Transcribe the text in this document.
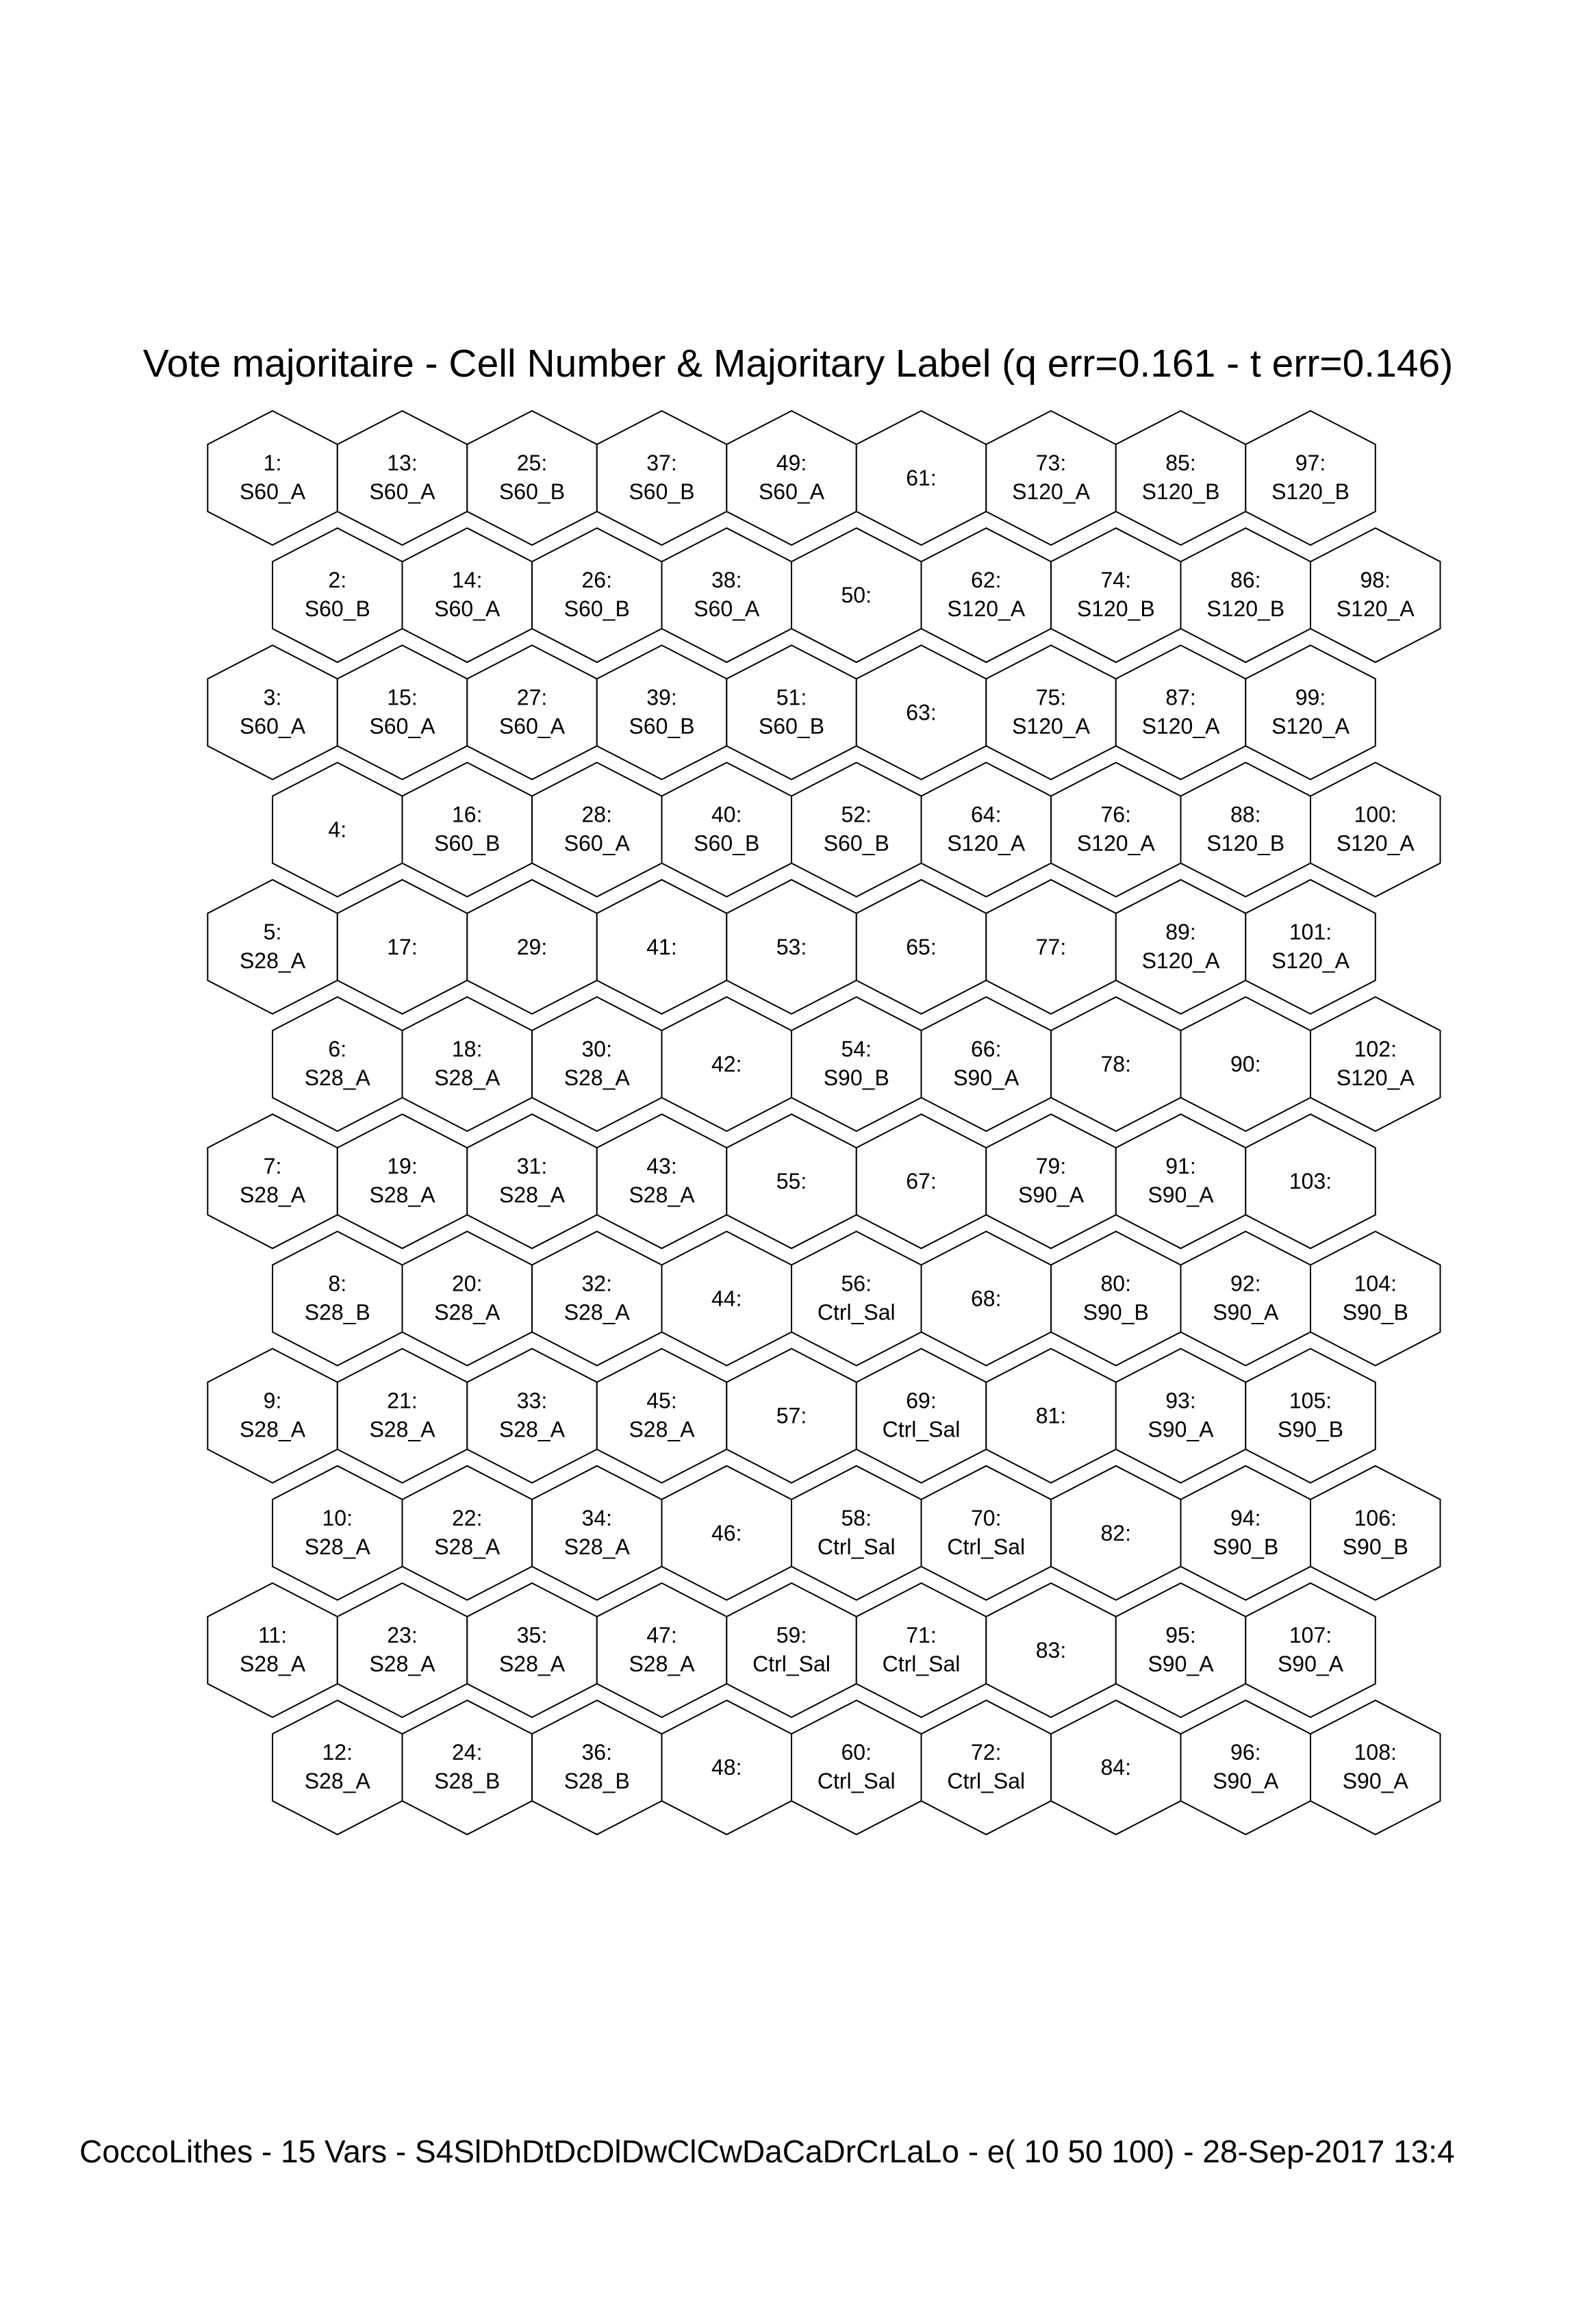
Vote majoritaire - Cell Number & Majoritary Label (q err=0.161 - t err=0.146)
1:
S60_A
2:
S60_B
3:
S60_A
4:
5:
S28_A
6:
S28_A
7:
S28_A
8:
S28_B
9:
S28_A
10:
S28_A
11:
S28_A
12:
S28_A
13:
S60_A
14:
S60_A
15:
S60_A
16:
S60_B
17:
18:
S28_A
19:
S28_A
20:
S28_A
21:
S28_A
22:
S28_A
23:
S28_A
24:
S28_B
25:
S60_B
26:
S60_B
27:
S60_A
28:
S60_A
29:
30:
S28_A
31:
S28_A
32:
S28_A
33:
S28_A
34:
S28_A
35:
S28_A
36:
S28_B
37:
S60_B
38:
S60_A
39:
S60_B
40:
S60_B
41:
42:
43:
S28_A
44:
45:
S28_A
46:
47:
S28_A
48:
49:
S60_A
50:
51:
S60_B
52:
S60_B
53:
54:
S90_B
55:
56:
Ctrl_Sal
57:
58:
Ctrl_Sal
59:
Ctrl_Sal
60:
Ctrl_Sal
61:
62:
S120_A
63:
64:
S120_A
65:
66:
S90_A
67:
68:
69:
Ctrl_Sal
70:
Ctrl_Sal
71:
Ctrl_Sal
72:
Ctrl_Sal
73:
S120_A
74:
S120_B
75:
S120_A
76:
S120_A
77:
78:
79:
S90_A
80:
S90_B
81:
82:
83:
84:
85:
S120_B
86:
S120_B
87:
S120_A
88:
S120_B
89:
S120_A
90:
91:
S90_A
92:
S90_A
93:
S90_A
94:
S90_B
95:
S90_A
96:
S90_A
97:
S120_B
98:
S120_A
99:
S120_A
100:
S120_A
101:
S120_A
102:
S120_A
103:
104:
S90_B
105:
S90_B
106:
S90_B
107:
S90_A
108:
S90_A
CoccoLithes - 15 Vars - S4SlDhDtDcDlDwClCwDaCaDrCrLaLo - e( 10 50 100) - 28-Sep-2017 13:4
